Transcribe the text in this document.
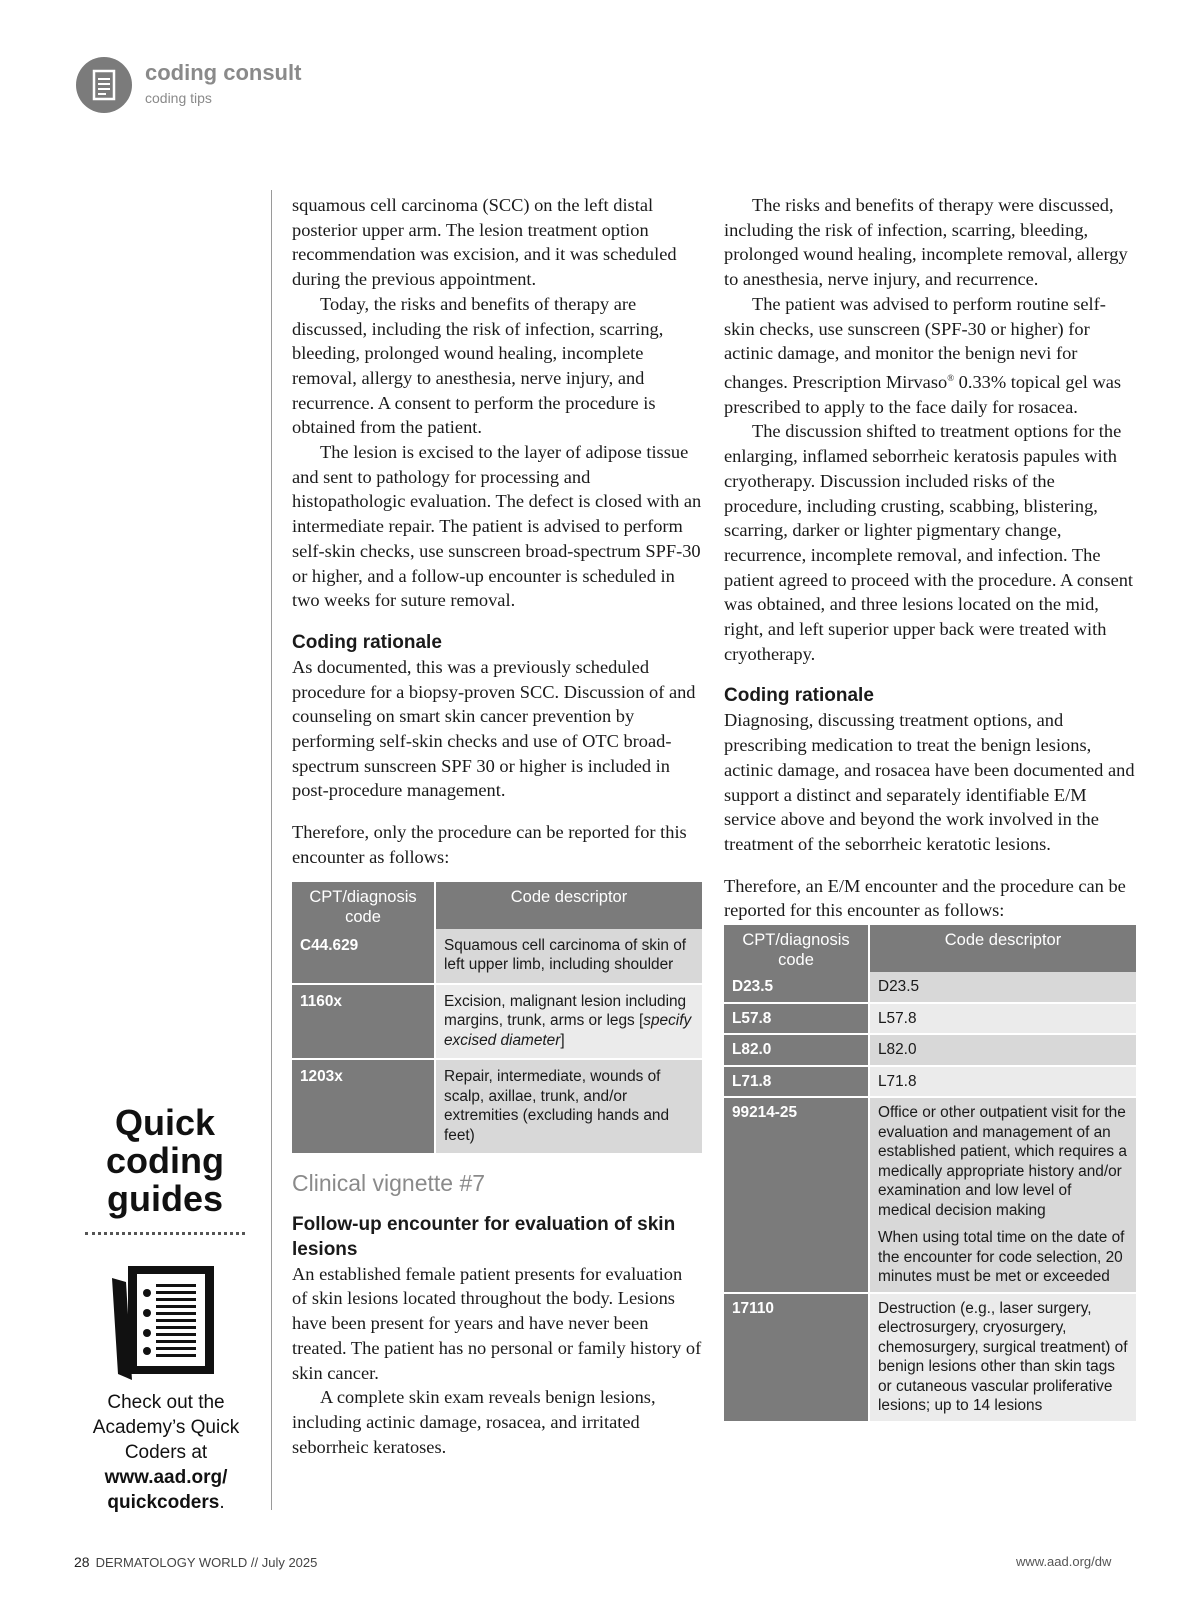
coding consult
coding tips
Quick coding guides
Check out the Academy’s Quick Coders at www.aad.org/ quickcoders.

squamous cell carcinoma (SCC) on the left distal posterior upper arm. The lesion treatment option recommendation was excision, and it was scheduled during the previous appointment.

Today, the risks and benefits of therapy are discussed, including the risk of infection, scarring, bleeding, prolonged wound healing, incomplete removal, allergy to anesthesia, nerve injury, and recurrence. A consent to perform the procedure is obtained from the patient.

The lesion is excised to the layer of adipose tissue and sent to pathology for processing and histopathologic evaluation. The defect is closed with an intermediate repair. The patient is advised to perform self-skin checks, use sunscreen broad-spectrum SPF-30 or higher, and a follow-up encounter is scheduled in two weeks for suture removal.

Coding rationale

As documented, this was a previously scheduled procedure for a biopsy-proven SCC. Discussion of and counseling on smart skin cancer prevention by performing self-skin checks and use of OTC broad-spectrum sunscreen SPF 30 or higher is included in post-procedure management.

Therefore, only the procedure can be reported for this encounter as follows:

CPT/diagnosis code	Code descriptor
C44.629	Squamous cell carcinoma of skin of left upper limb, including shoulder
1160x	Excision, malignant lesion including margins, trunk, arms or legs [specify excised diameter]
1203x	Repair, intermediate, wounds of scalp, axillae, trunk, and/or extremities (excluding hands and feet)
Clinical vignette #7
Follow-up encounter for evaluation of skin lesions

An established female patient presents for evaluation of skin lesions located throughout the body. Lesions have been present for years and have never been treated. The patient has no personal or family history of skin cancer.

A complete skin exam reveals benign lesions, including actinic damage, rosacea, and irritated seborrheic keratoses.

The risks and benefits of therapy were discussed, including the risk of infection, scarring, bleeding, prolonged wound healing, incomplete removal, allergy to anesthesia, nerve injury, and recurrence.

The patient was advised to perform routine self-skin checks, use sunscreen (SPF-30 or higher) for actinic damage, and monitor the benign nevi for changes. Prescription Mirvaso® 0.33% topical gel was prescribed to apply to the face daily for rosacea.

The discussion shifted to treatment options for the enlarging, inflamed seborrheic keratosis papules with cryotherapy. Discussion included risks of the procedure, including crusting, scabbing, blistering, scarring, darker or lighter pigmentary change, recurrence, incomplete removal, and infection. The patient agreed to proceed with the procedure. A consent was obtained, and three lesions located on the mid, right, and left superior upper back were treated with cryotherapy.

Coding rationale

Diagnosing, discussing treatment options, and prescribing medication to treat the benign lesions, actinic damage, and rosacea have been documented and support a distinct and separately identifiable E/M service above and beyond the work involved in the treatment of the seborrheic keratotic lesions.

Therefore, an E/M encounter and the procedure can be reported for this encounter as follows:

CPT/diagnosis code	Code descriptor
D23.5	D23.5
L57.8	L57.8
L82.0	L82.0
L71.8	L71.8
99214-25	Office or other outpatient visit for the evaluation and management of an established patient, which requires a medically appropriate history and/or examination and low level of medical decision making
When using total time on the date of the encounter for code selection, 20 minutes must be met or exceeded

17110	Destruction (e.g., laser surgery, electrosurgery, cryosurgery, chemosurgery, surgical treatment) of benign lesions other than skin tags or cutaneous vascular proliferative lesions; up to 14 lesions
28 DERMATOLOGY WORLD // July 2025	www.aad.org/dw
